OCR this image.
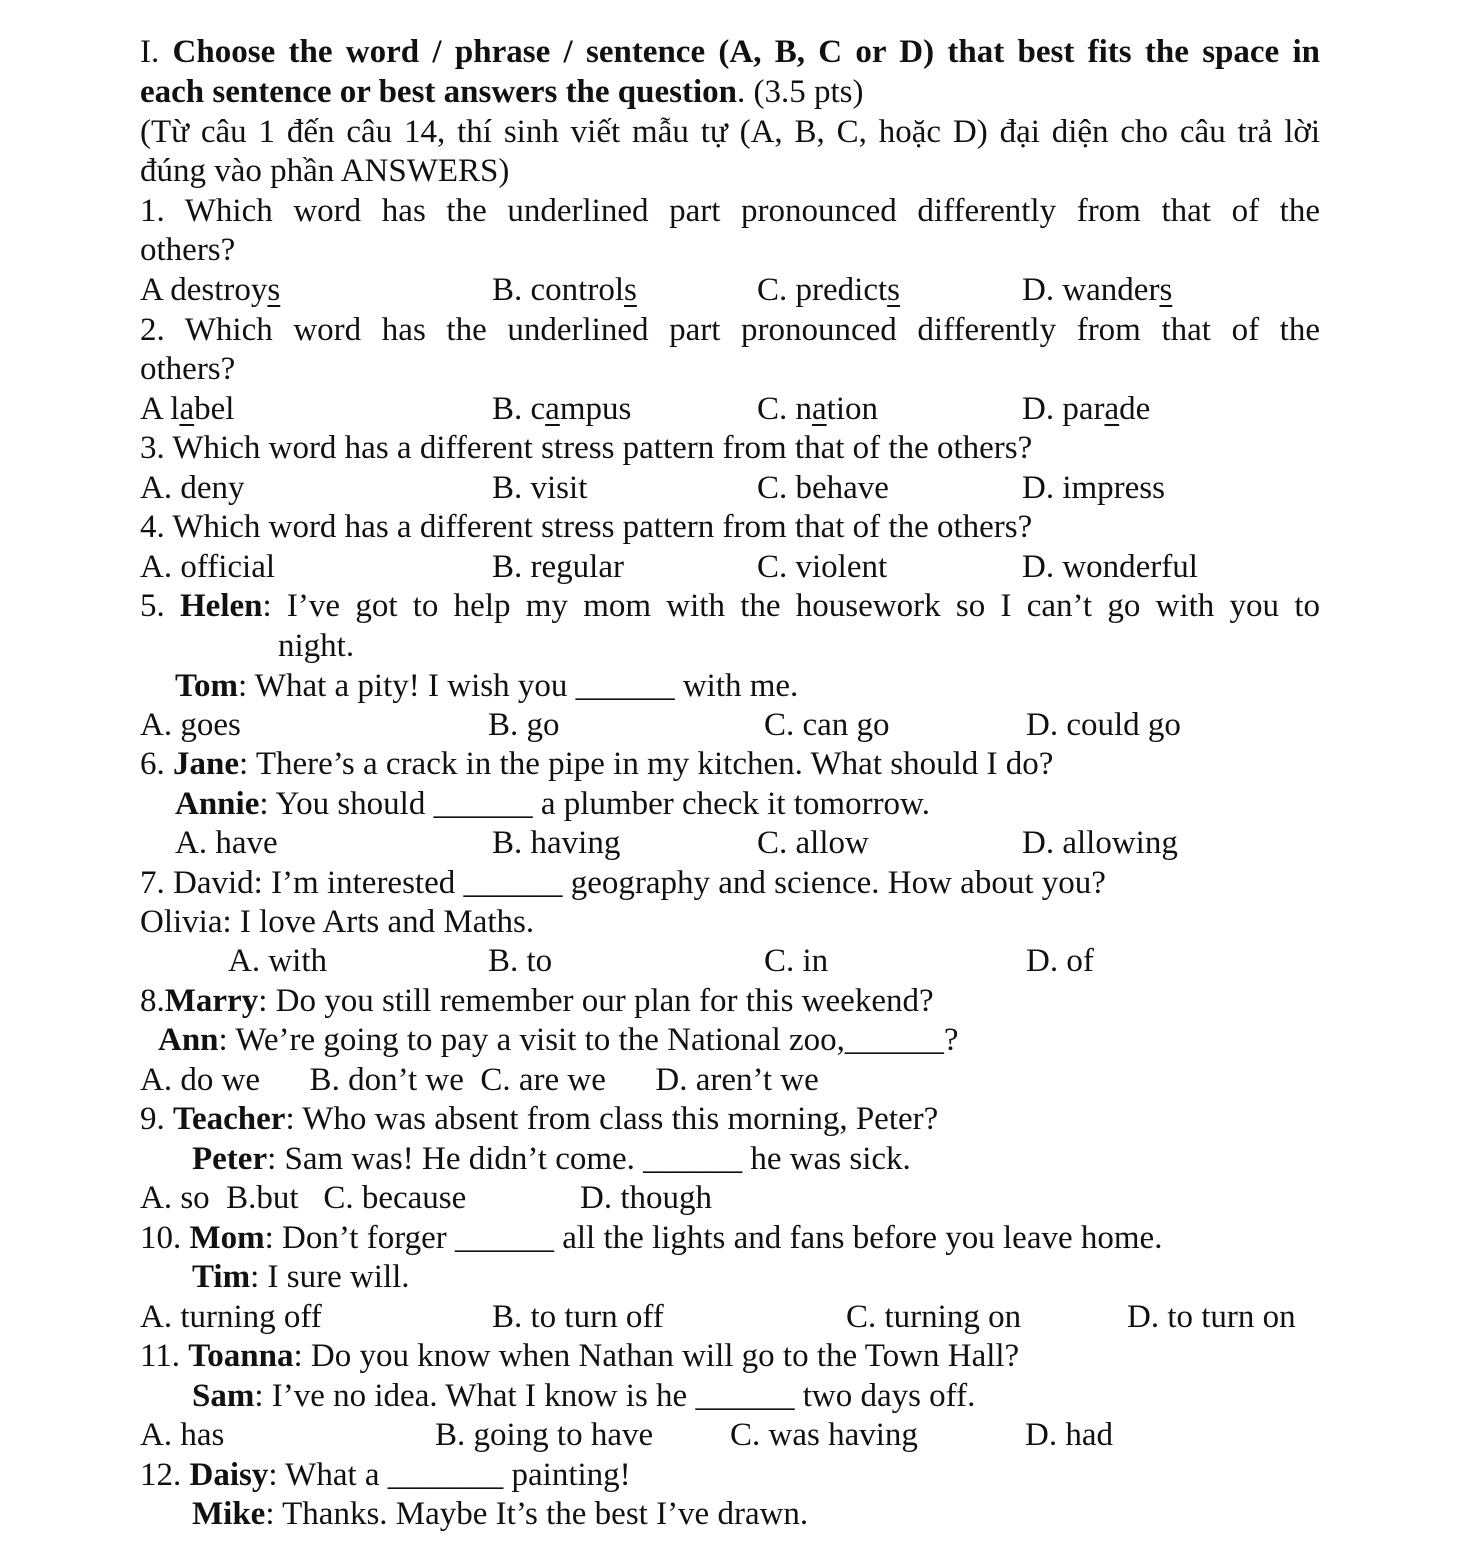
I. Choose the word / phrase / sentence (A, B, C or D) that best fits the space in
each sentence or best answers the question. (3.5 pts)
(Từ câu 1 đến câu 14, thí sinh viết mẫu tự (A, B, C, hoặc D) đại diện cho câu trả lời
đúng vào phần ANSWERS)
1. Which word has the underlined part pronounced differently from that of the
others?
A destroys	B. controls	C. predicts	D. wanders
2. Which word has the underlined part pronounced differently from that of the
others?
A label	B. campus	C. nation	D. parade
3. Which word has a different stress pattern from that of the others?
A. deny	B. visit	C. behave	D. impress
4. Which word has a different stress pattern from that of the others?
A. official	B. regular	C. violent	D. wonderful
5. Helen: I’ve got to help my mom with the housework so I can’t go with you to
night.
Tom: What a pity! I wish you ______ with me.
A. goes	B. go	C. can go	D. could go
6. Jane: There’s a crack in the pipe in my kitchen. What should I do?
Annie: You should ______ a plumber check it tomorrow.
A. have	B. having	C. allow	D. allowing
7. David: I’m interested ______ geography and science. How about you?
Olivia: I love Arts and Maths.
A. with	B. to	C. in	D. of
8.Marry: Do you still remember our plan for this weekend?
Ann: We’re going to pay a visit to the National zoo,______?
A. do we      B. don’t we  C. are we      D. aren’t we
9. Teacher: Who was absent from class this morning, Peter?
Peter: Sam was! He didn’t come. ______ he was sick.
A. so  B.but   C. because	D. though
10. Mom: Don’t forger ______ all the lights and fans before you leave home.
Tim: I sure will.
A. turning off	B. to turn off	C. turning on	D. to turn on
11. Toanna: Do you know when Nathan will go to the Town Hall?
Sam: I’ve no idea. What I know is he ______ two days off.
A. has	B. going to have C. was having	D. had
12. Daisy: What a _______ painting!
Mike: Thanks. Maybe It’s the best I’ve drawn.
